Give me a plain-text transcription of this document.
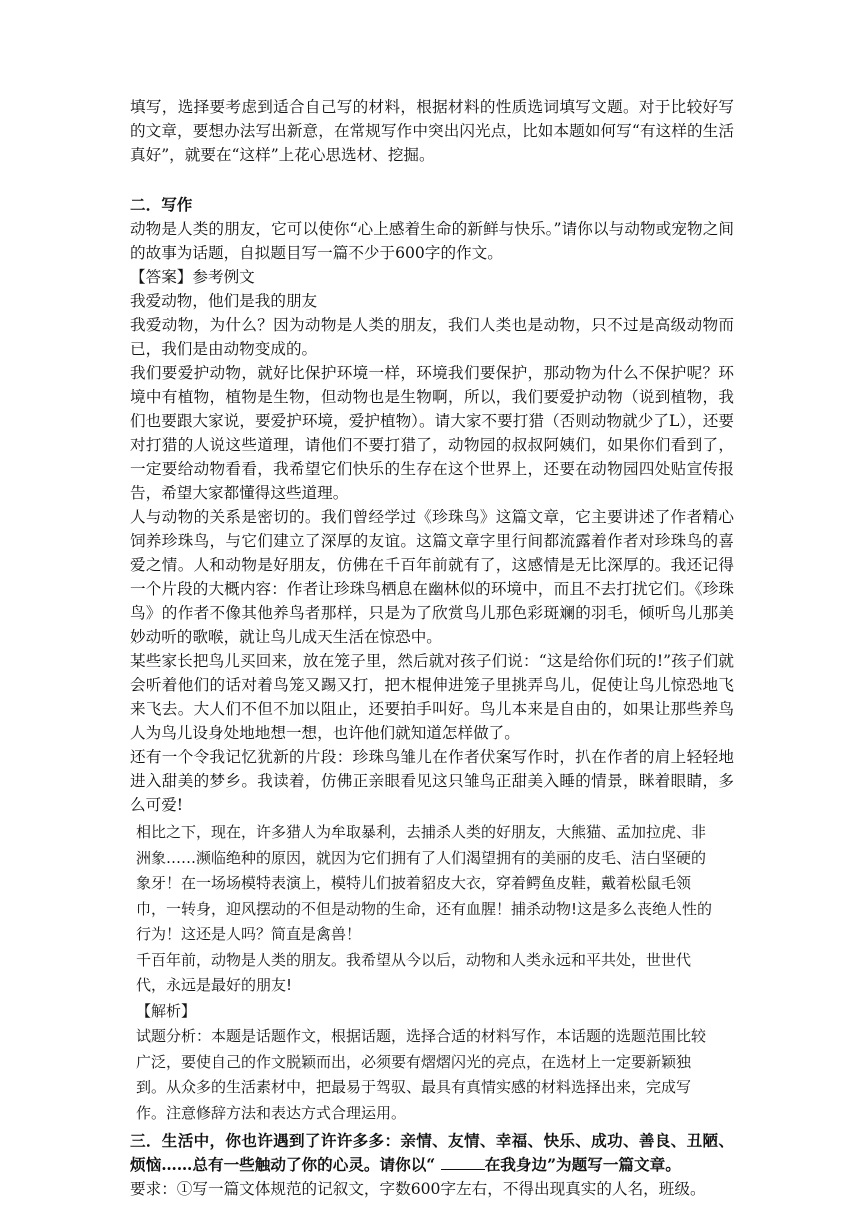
填写，选择要考虑到适合自己写的材料，根据材料的性质选词填写文题。对于比较好写的文章，要想办法写出新意，在常规写作中突出闪光点，比如本题如何写“有这样的生活真好”，就要在“这样”上花心思选材、挖掘。

二．写作

动物是人类的朋友，它可以使你“心上感着生命的新鲜与快乐。”请你以与动物或宠物之间的故事为话题，自拟题目写一篇不少于600字的作文。

【答案】参考例文

我爱动物，他们是我的朋友

我爱动物，为什么？因为动物是人类的朋友，我们人类也是动物，只不过是高级动物而已，我们是由动物变成的。

我们要爱护动物，就好比保护环境一样，环境我们要保护，那动物为什么不保护呢？环境中有植物，植物是生物，但动物也是生物啊，所以，我们要爱护动物（说到植物，我们也要跟大家说，要爱护环境，爱护植物）。请大家不要打猎（否则动物就少了L），还要对打猎的人说这些道理，请他们不要打猎了，动物园的叔叔阿姨们，如果你们看到了，一定要给动物看看，我希望它们快乐的生存在这个世界上，还要在动物园四处贴宣传报告，希望大家都懂得这些道理。

人与动物的关系是密切的。我们曾经学过《珍珠鸟》这篇文章，它主要讲述了作者精心饲养珍珠鸟，与它们建立了深厚的友谊。这篇文章字里行间都流露着作者对珍珠鸟的喜爱之情。人和动物是好朋友，仿佛在千百年前就有了，这感情是无比深厚的。我还记得一个片段的大概内容：作者让珍珠鸟栖息在幽林似的环境中，而且不去打扰它们。《珍珠鸟》的作者不像其他养鸟者那样，只是为了欣赏鸟儿那色彩斑斓的羽毛，倾听鸟儿那美妙动听的歌喉，就让鸟儿成天生活在惊恐中。

某些家长把鸟儿买回来，放在笼子里，然后就对孩子们说：“这是给你们玩的!”孩子们就会听着他们的话对着鸟笼又踢又打，把木棍伸进笼子里挑弄鸟儿，促使让鸟儿惊恐地飞来飞去。大人们不但不加以阻止，还要拍手叫好。鸟儿本来是自由的，如果让那些养鸟人为鸟儿设身处地地想一想，也许他们就知道怎样做了。

还有一个令我记忆犹新的片段：珍珠鸟雏儿在作者伏案写作时，扒在作者的肩上轻轻地进入甜美的梦乡。我读着，仿佛正亲眼看见这只雏鸟正甜美入睡的情景，眯着眼睛，多么可爱!

相比之下，现在，许多猎人为牟取暴利，去捕杀人类的好朋友，大熊猫、孟加拉虎、非洲象……濒临绝种的原因，就因为它们拥有了人们渴望拥有的美丽的皮毛、洁白坚硬的象牙！在一场场模特表演上，模特儿们披着貂皮大衣，穿着鳄鱼皮鞋，戴着松鼠毛领巾，一转身，迎风摆动的不但是动物的生命，还有血腥！捕杀动物!这是多么丧绝人性的行为！这还是人吗？简直是禽兽！

千百年前，动物是人类的朋友。我希望从今以后，动物和人类永远和平共处，世世代代，永远是最好的朋友!

【解析】

试题分析：本题是话题作文，根据话题，选择合适的材料写作，本话题的选题范围比较广泛，要使自己的作文脱颖而出，必须要有熠熠闪光的亮点，在选材上一定要新颖独到。从众多的生活素材中，把最易于驾驭、最具有真情实感的材料选择出来，完成写作。注意修辞方法和表达方式合理运用。

三．生活中，你也许遇到了许许多多：亲情、友情、幸福、快乐、成功、善良、丑陋、烦恼……总有一些触动了你的心灵。请你以“	在我身边”为题写一篇文章。

要求：①写一篇文体规范的记叙文，字数600字左右，不得出现真实的人名，班级。
